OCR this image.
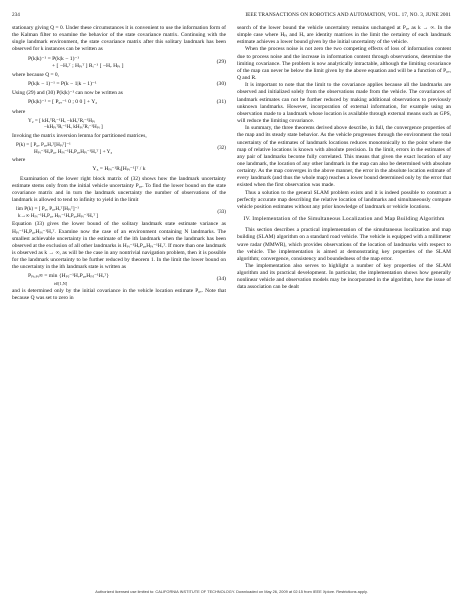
234	IEEE TRANSACTIONS ON ROBOTICS AND AUTOMATION, VOL. 17, NO. 3, JUNE 2001

stationary giving Q = 0. Under these circumstances it is convenient to use the information form of the Kalman filter to examine the behavior of the state covariance matrix. Continuing with the single landmark environment, the state covariance matrix after this solitary landmark has been observed for k instances can be written as

P(k|k)⁻¹ = P(k|k − 1)⁻¹
+ [ −Hᵥᵀ ; Hₚᵢᵀ ] Rᵢ⁻¹ [ −Hᵥ Hₚᵢ ]
(29)

where because Q = 0,

P(k|k − 1)⁻¹ = P(k − 1|k − 1)⁻¹	(30)

Using (29) and (30) P(k|k)⁻¹ can now be written as

P(k|k)⁻¹ = [ P₀ᵥ⁻¹ 0 ; 0 0 ] + Y₂	(31)

where

Y₂ = [ kHᵥᵀRᵢ⁻¹Hᵥ −kHᵥᵀRᵢ⁻¹Hₚᵢ
−kHₚᵢᵀRᵢ⁻¹Hᵥ kHₚᵢᵀRᵢ⁻¹Hₚᵢ ]

Invoking the matrix inversion lemma for partitioned matrices,

P(k) = [ P₀ᵥ P₀ᵥHᵥᵀ[Hₚᵢᵀ]⁻¹
Hₚᵢ⁻¹HᵥP₀ᵥ Hₚᵢ⁻¹HᵥP₀ᵥHₚᵢ⁻¹Hᵥᵀ ] + Y₃
(32)

where

Y₃ = Hₚᵢ⁻¹Rᵢ[Hₚᵢ⁻¹]ᵀ / k

Examination of the lower right block matrix of (32) shows how the landmark uncertainty estimate stems only from the initial vehicle uncertainty P₀ᵥ. To find the lower bound on the state covariance matrix and in turn the landmark uncertainty the number of observations of the landmark is allowed to tend to infinity to yield in the limit

lim P(k) = [ P₀ᵥ P₀ᵥHᵥᵀ[Hₚᵢᵀ]⁻¹
k→∞ Hₚᵢ⁻¹HᵥP₀ᵥ Hₚᵢ⁻¹HᵥP₀ᵥHₚᵢ⁻¹Hᵥᵀ ]
(33)

Equation (33) gives the lower bound of the solitary landmark state estimate variance as Hₚᵢ⁻¹HᵥP₀ᵥHₚᵢ⁻¹Hᵥᵀ. Examine now the case of an environment containing N landmarks. The smallest achievable uncertainty in the estimate of the ith landmark when the landmark has been observed at the exclusion of all other landmarks is Hₚᵢ⁻¹HᵥP₀ᵥHₚᵢ⁻¹Hᵥᵀ. If more than one landmark is observed as k → ∞, as will be the case in any nontrivial navigation problem, then it is possible for the landmark uncertainty to be further reduced by theorem 1. In the limit the lower bound on the uncertainty in the ith landmark state is written as

Pₚᵢ,ₚᵢ∞ = min {Hₚⱼ⁻¹HᵥP₀ᵥHₚⱼ⁻¹Hᵥᵀ}
i∈[1,N]
(34)

and is determined only by the initial covariance in the vehicle location estimate P₀ᵥ. Note that because Q was set to zero in

search of the lower bound the vehicle uncertainty remains unchanged at P₀ᵥ as k → ∞. In the simple case where Hₚᵢ and Hᵥ are identity matrices in the limit the certainty of each landmark estimate achieves a lower bound given by the initial uncertainty of the vehicle.

When the process noise is not zero the two competing effects of loss of information content due to process noise and the increase in information content through observations, determine the limiting covariance. The problem is now analytically intractable, although the limiting covariance of the map can never be below the limit given by the above equation and will be a function of P₀ᵥ, Q and R.

It is important to note that the limit to the covariance applies because all the landmarks are observed and initialized solely from the observations made from the vehicle. The covariances of landmark estimates can not be further reduced by making additional observations to previously unknown landmarks. However, incorporation of external information, for example using an observation made to a landmark whose location is available through external means such as GPS, will reduce the limiting covariance.

In summary, the three theorems derived above describe, in full, the convergence properties of the map and its steady state behavior. As the vehicle progresses through the environment the total uncertainty of the estimates of landmark locations reduces monotonically to the point where the map of relative locations is known with absolute precision. In the limit, errors in the estimates of any pair of landmarks become fully correlated. This means that given the exact location of any one landmark, the location of any other landmark in the map can also be determined with absolute certainty. As the map converges in the above manner, the error in the absolute location estimate of every landmark (and thus the whole map) reaches a lower bound determined only by the error that existed when the first observation was made.

Thus a solution to the general SLAM problem exists and it is indeed possible to construct a perfectly accurate map describing the relative location of landmarks and simultaneously compute vehicle position estimates without any prior knowledge of landmark or vehicle locations.

IV. Implementation of the Simultaneous Localization and Map Building Algorithm

This section describes a practical implementation of the simultaneous localization and map building (SLAM) algorithm on a standard road vehicle. The vehicle is equipped with a millimeter wave radar (MMWR), which provides observations of the location of landmarks with respect to the vehicle. The implementation is aimed at demonstrating key properties of the SLAM algorithm; convergence, consistency and boundedness of the map error.

The implementation also serves to highlight a number of key properties of the SLAM algorithm and its practical development. In particular, the implementation shows how generally nonlinear vehicle and observation models may be incorporated in the algorithm, how the issue of data association can be dealt

Authorized licensed use limited to: CALIFORNIA INSTITUTE OF TECHNOLOGY. Downloaded on May 26, 2009 at 02:15 from IEEE Xplore. Restrictions apply.
